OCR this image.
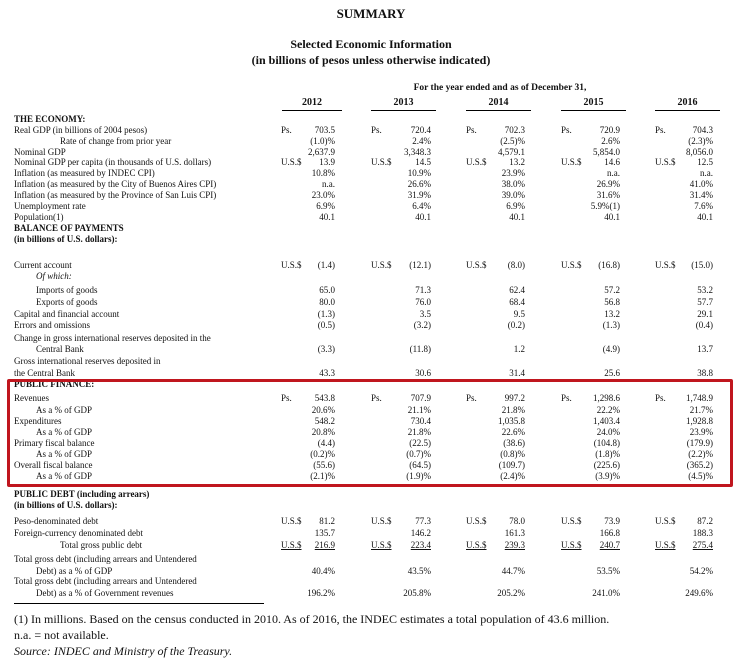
SUMMARY
Selected Economic Information
(in billions of pesos unless otherwise indicated)
For the year ended and as of December 31,
2012	2013	2014	2015	2016
THE ECONOMY:
Real GDP (in billions of 2004 pesos)	Ps.	703.5	Ps.	720.4	Ps.	702.3	Ps.	720.9	Ps.	704.3
Rate of change from prior year	(1.0)%	2.4%	(2.5)%	2.6%	(2.3)%
Nominal GDP	2,637.9	3,348.3	4,579.1	5,854.0	8,056.0
Nominal GDP per capita (in thousands of U.S. dollars)	U.S.$	13.9	U.S.$	14.5	U.S.$	13.2	U.S.$	14.6	U.S.$	12.5
Inflation (as measured by INDEC CPI)	10.8%	10.9%	23.9%	n.a.	n.a.
Inflation (as measured by the City of Buenos Aires CPI)	n.a.	26.6%	38.0%	26.9%	41.0%
Inflation (as measured by the Province of San Luis CPI)	23.0%	31.9%	39.0%	31.6%	31.4%
Unemployment rate	6.9%	6.4%	6.9%	5.9%(1)	7.6%
Population(1)	40.1	40.1	40.1	40.1	40.1
BALANCE OF PAYMENTS
(in billions of U.S. dollars):
Current account	U.S.$	(1.4)	U.S.$	(12.1)	U.S.$	(8.0)	U.S.$	(16.8)	U.S.$	(15.0)
Of which:
Imports of goods	65.0	71.3	62.4	57.2	53.2
Exports of goods	80.0	76.0	68.4	56.8	57.7
Capital and financial account	(1.3)	3.5	9.5	13.2	29.1
Errors and omissions	(0.5)	(3.2)	(0.2)	(1.3)	(0.4)
Change in gross international reserves deposited in the
Central Bank	(3.3)	(11.8)	1.2	(4.9)	13.7
Gross international reserves deposited in
the Central Bank	43.3	30.6	31.4	25.6	38.8
PUBLIC FINANCE:
Revenues	Ps.	543.8	Ps.	707.9	Ps.	997.2	Ps.	1,298.6	Ps.	1,748.9
As a % of GDP	20.6%	21.1%	21.8%	22.2%	21.7%
Expenditures	548.2	730.4	1,035.8	1,403.4	1,928.8
As a % of GDP	20.8%	21.8%	22.6%	24.0%	23.9%
Primary fiscal balance	(4.4)	(22.5)	(38.6)	(104.8)	(179.9)
As a % of GDP	(0.2)%	(0.7)%	(0.8)%	(1.8)%	(2.2)%
Overall fiscal balance	(55.6)	(64.5)	(109.7)	(225.6)	(365.2)
As a % of GDP	(2.1)%	(1.9)%	(2.4)%	(3.9)%	(4.5)%
PUBLIC DEBT (including arrears)
(in billions of U.S. dollars):
Peso-denominated debt	U.S.$	81.2	U.S.$	77.3	U.S.$	78.0	U.S.$	73.9	U.S.$	87.2
Foreign-currency denominated debt	135.7	146.2	161.3	166.8	188.3
Total gross public debt	U.S.$	216.9	U.S.$	223.4	U.S.$	239.3	U.S.$	240.7	U.S.$	275.4
Total gross debt (including arrears and Untendered
Debt) as a % of GDP	40.4%	43.5%	44.7%	53.5%	54.2%
Total gross debt (including arrears and Untendered
Debt) as a % of Government revenues	196.2%	205.8%	205.2%	241.0%	249.6%
(1) In millions. Based on the census conducted in 2010. As of 2016, the INDEC estimates a total population of 43.6 million.
n.a. = not available.
Source: INDEC and Ministry of the Treasury.
